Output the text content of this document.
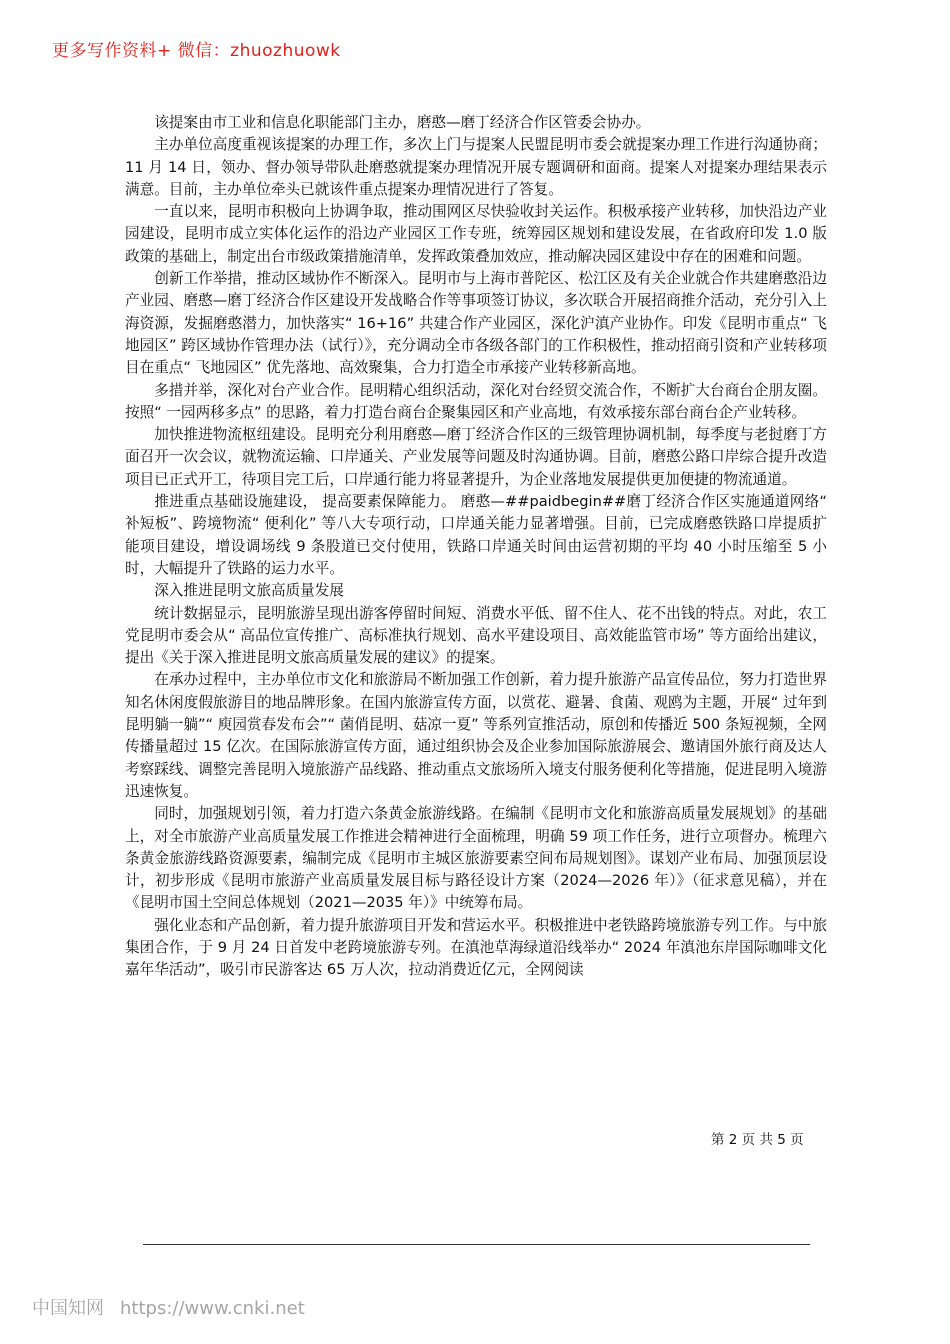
更多写作资料+ 微信：zhuozhuowk

该提案由市工业和信息化职能部门主办，磨憨—磨丁经济合作区管委会协办。

主办单位高度重视该提案的办理工作，多次上门与提案人民盟昆明市委会就提案办理工作进行沟通协商；11 月 14 日，领办、督办领导带队赴磨憨就提案办理情况开展专题调研和面商。提案人对提案办理结果表示满意。目前，主办单位牵头已就该件重点提案办理情况进行了答复。

一直以来，昆明市积极向上协调争取，推动围网区尽快验收封关运作。积极承接产业转移，加快沿边产业园建设，昆明市成立实体化运作的沿边产业园区工作专班，统筹园区规划和建设发展，在省政府印发 1.0 版政策的基础上，制定出台市级政策措施清单，发挥政策叠加效应，推动解决园区建设中存在的困难和问题。

创新工作举措，推动区域协作不断深入。昆明市与上海市普陀区、松江区及有关企业就合作共建磨憨沿边产业园、磨憨—磨丁经济合作区建设开发战略合作等事项签订协议，多次联合开展招商推介活动，充分引入上海资源，发掘磨憨潜力，加快落实“ 16+16” 共建合作产业园区，深化沪滇产业协作。印发《昆明市重点“ 飞地园区” 跨区域协作管理办法（试行）》，充分调动全市各级各部门的工作积极性，推动招商引资和产业转移项目在重点“ 飞地园区” 优先落地、高效聚集，合力打造全市承接产业转移新高地。

多措并举，深化对台产业合作。昆明精心组织活动，深化对台经贸交流合作，不断扩大台商台企朋友圈。按照“ 一园两移多点” 的思路，着力打造台商台企聚集园区和产业高地，有效承接东部台商台企产业转移。

加快推进物流枢纽建设。昆明充分利用磨憨—磨丁经济合作区的三级管理协调机制，每季度与老挝磨丁方面召开一次会议，就物流运输、口岸通关、产业发展等问题及时沟通协调。目前，磨憨公路口岸综合提升改造项目已正式开工，待项目完工后，口岸通行能力将显著提升，为企业落地发展提供更加便捷的物流通道。

推进重点基础设施建设， 提高要素保障能力。 磨憨—##paidbegin##磨丁经济合作区实施通道网络“ 补短板”、跨境物流“ 便利化” 等八大专项行动，口岸通关能力显著增强。目前，已完成磨憨铁路口岸提质扩能项目建设，增设调场线 9 条股道已交付使用，铁路口岸通关时间由运营初期的平均 40 小时压缩至 5 小时，大幅提升了铁路的运力水平。

深入推进昆明文旅高质量发展

统计数据显示，昆明旅游呈现出游客停留时间短、消费水平低、留不住人、花不出钱的特点。对此，农工党昆明市委会从“ 高品位宣传推广、高标准执行规划、高水平建设项目、高效能监管市场” 等方面给出建议，提出《关于深入推进昆明文旅高质量发展的建议》的提案。

在承办过程中，主办单位市文化和旅游局不断加强工作创新，着力提升旅游产品宣传品位，努力打造世界知名休闲度假旅游目的地品牌形象。在国内旅游宣传方面，以赏花、避暑、食菌、观鸥为主题，开展“ 过年到昆明躺一躺”“ 庾园赏春发布会”“ 菌俏昆明、菇凉一夏” 等系列宣推活动，原创和传播近 500 条短视频，全网传播量超过 15 亿次。在国际旅游宣传方面，通过组织协会及企业参加国际旅游展会、邀请国外旅行商及达人考察踩线、调整完善昆明入境旅游产品线路、推动重点文旅场所入境支付服务便利化等措施，促进昆明入境游迅速恢复。

同时，加强规划引领，着力打造六条黄金旅游线路。在编制《昆明市文化和旅游高质量发展规划》的基础上，对全市旅游产业高质量发展工作推进会精神进行全面梳理，明确 59 项工作任务，进行立项督办。梳理六条黄金旅游线路资源要素，编制完成《昆明市主城区旅游要素空间布局规划图》。谋划产业布局、加强顶层设计，初步形成《昆明市旅游产业高质量发展目标与路径设计方案（2024—2026 年）》（征求意见稿），并在《昆明市国土空间总体规划（2021—2035 年）》中统筹布局。

强化业态和产品创新，着力提升旅游项目开发和营运水平。积极推进中老铁路跨境旅游专列工作。与中旅集团合作，于 9 月 24 日首发中老跨境旅游专列。在滇池草海绿道沿线举办“ 2024 年滇池东岸国际咖啡文化嘉年华活动”，吸引市民游客达 65 万人次，拉动消费近亿元，全网阅读

第 2 页 共 5 页
中国知网 https://www.cnki.net
